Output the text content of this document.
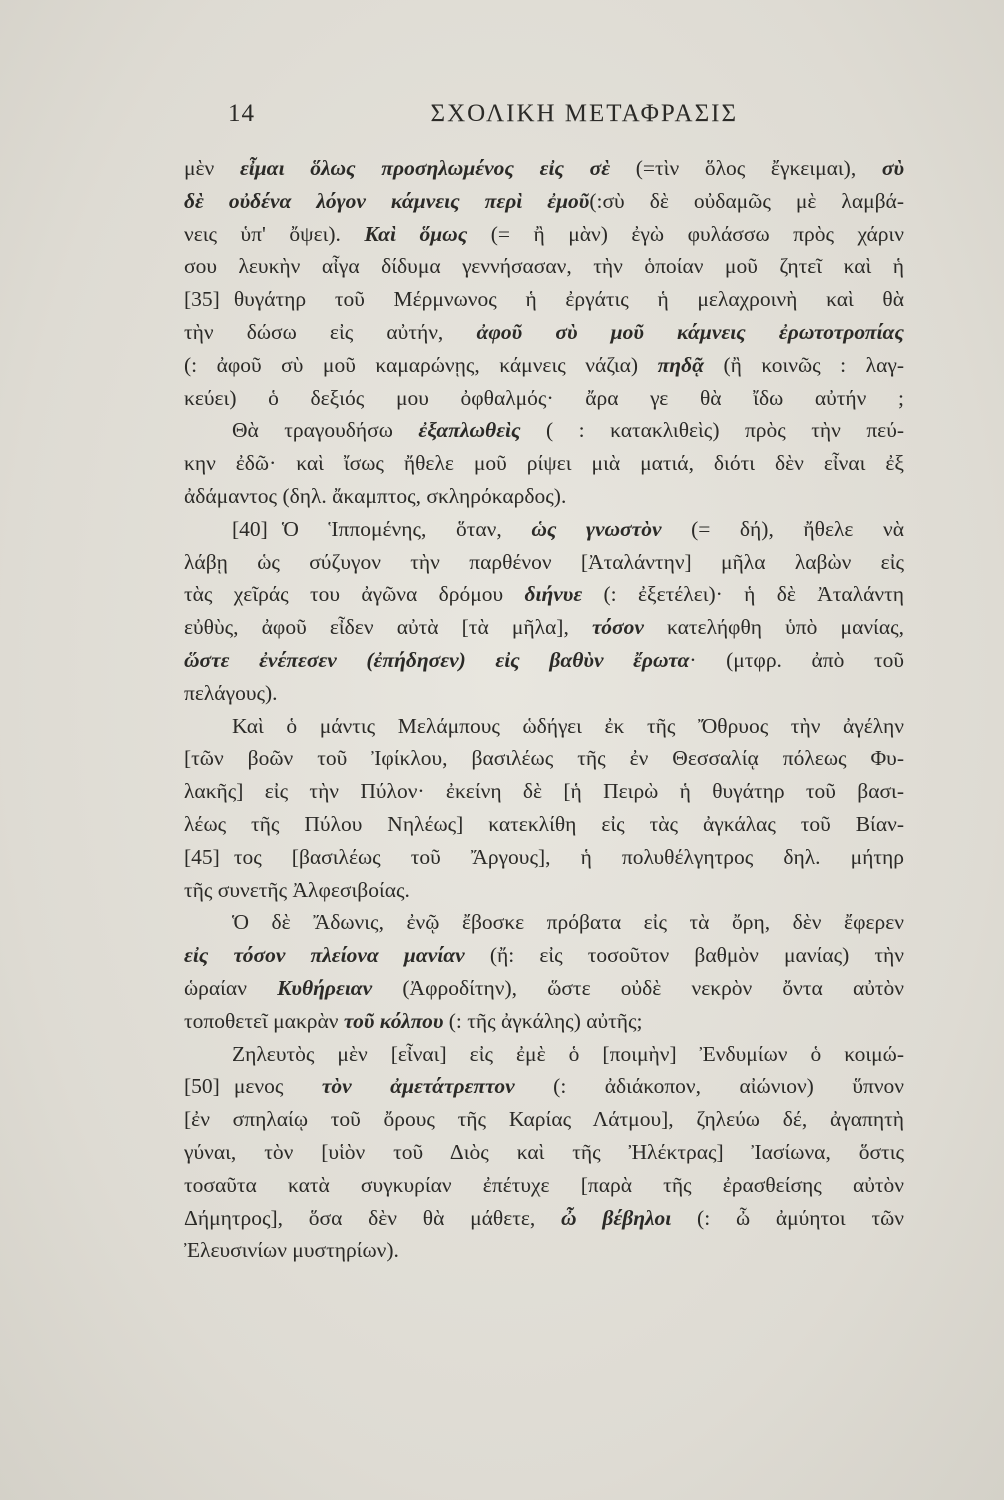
14	ΣΧΟΛΙΚΗ ΜΕΤΑΦΡΑΣΙΣ
μὲν εἶμαι ὅλως προσηλωμένος εἰς σὲ (=τὶν ὅλος ἔγκειμαι), σὺ
δὲ οὐδένα λόγον κάμνεις περὶ ἐμοῦ(:σὺ δὲ οὐδαμῶς μὲ λαμβά-
νεις ὑπ' ὄψει). Καὶ ὅμως (= ἢ μὰν) ἐγὼ φυλάσσω πρὸς χάριν
σου λευκὴν αἶγα δίδυμα γεννήσασαν, τὴν ὁποίαν μοῦ ζητεῖ καὶ ἡ
[35] θυγάτηρ τοῦ Μέρμνωνος ἡ ἐργάτις ἡ μελαχροινὴ καὶ θὰ
τὴν δώσω εἰς αὐτήν, ἀφοῦ σὺ μοῦ κάμνεις ἐρωτοτροπίας
(: ἀφοῦ σὺ μοῦ καμαρώνῃς, κάμνεις νάζια) πηδᾷ (ἢ κοινῶς : λαγ-
κεύει) ὁ δεξιός μου ὀφθαλμός· ἄρα γε θὰ ἴδω αὐτήν ;
Θὰ τραγουδήσω ἐξαπλωθεὶς ( : κατακλιθεὶς) πρὸς τὴν πεύ-
κην ἐδῶ· καὶ ἴσως ἤθελε μοῦ ρίψει μιὰ ματιά, διότι δὲν εἶναι ἐξ
ἀδάμαντος (δηλ. ἄκαμπτος, σκληρόκαρδος).
[40] Ὁ Ἱππομένης, ὅταν, ὡς γνωστὸν (= δή), ἤθελε νὰ
λάβῃ ὡς σύζυγον τὴν παρθένον [Ἀταλάντην] μῆλα λαβὼν εἰς
τὰς χεῖράς του ἀγῶνα δρόμου διήνυε (: ἐξετέλει)· ἡ δὲ Ἀταλάντη
εὐθὺς, ἀφοῦ εἶδεν αὐτὰ [τὰ μῆλα], τόσον κατελήφθη ὑπὸ μανίας,
ὥστε ἐνέπεσεν (ἐπήδησεν) εἰς βαθὺν ἔρωτα· (μτφρ. ἀπὸ τοῦ
πελάγους).
Καὶ ὁ μάντις Μελάμπους ὡδήγει ἐκ τῆς Ὄθρυος τὴν ἀγέλην
[τῶν βοῶν τοῦ Ἰφίκλου, βασιλέως τῆς ἐν Θεσσαλίᾳ πόλεως Φυ-
λακῆς] εἰς τὴν Πύλον· ἐκείνη δὲ [ἡ Πειρὼ ἡ θυγάτηρ τοῦ βασι-
λέως τῆς Πύλου Νηλέως] κατεκλίθη εἰς τὰς ἀγκάλας τοῦ Βίαν-
[45] τος [βασιλέως τοῦ Ἄργους], ἡ πολυθέλγητρος δηλ. μήτηρ
τῆς συνετῆς Ἀλφεσιβοίας.
Ὁ δὲ Ἄδωνις, ἐνῷ ἔβοσκε πρόβατα εἰς τὰ ὄρη, δὲν ἔφερεν
εἰς τόσον πλείονα μανίαν (ἤ: εἰς τοσοῦτον βαθμὸν μανίας) τὴν
ὡραίαν Κυθήρειαν (Ἀφροδίτην), ὥστε οὐδὲ νεκρὸν ὄντα αὐτὸν
τοποθετεῖ μακρὰν τοῦ κόλπου (: τῆς ἀγκάλης) αὐτῆς;
Ζηλευτὸς μὲν [εἶναι] εἰς ἐμὲ ὁ [ποιμὴν] Ἐνδυμίων ὁ κοιμώ-
[50] μενος τὸν ἀμετάτρεπτον (: ἀδιάκοπον, αἰώνιον) ὕπνον
[ἐν σπηλαίῳ τοῦ ὄρους τῆς Καρίας Λάτμου], ζηλεύω δέ, ἀγαπητὴ
γύναι, τὸν [υἱὸν τοῦ Διὸς καὶ τῆς Ἠλέκτρας] Ἰασίωνα, ὅστις
τοσαῦτα κατὰ συγκυρίαν ἐπέτυχε [παρὰ τῆς ἐρασθείσης αὐτὸν
Δήμητρος], ὅσα δὲν θὰ μάθετε, ὦ βέβηλοι (: ὦ ἀμύητοι τῶν
Ἐλευσινίων μυστηρίων).
